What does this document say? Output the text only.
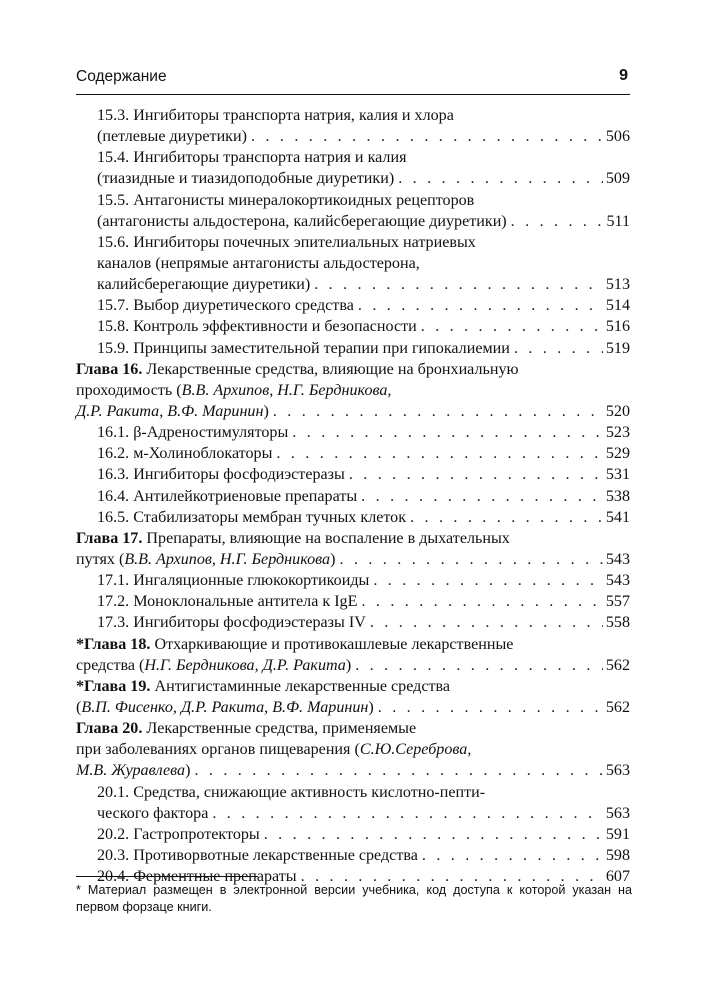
Содержание	9
15.3. Ингибиторы транспорта натрия, калия и хлора
(петлевые диуретики) . . .	506
15.4. Ингибиторы транспорта натрия и калия
(тиазидные и тиазидоподобные диуретики) . . .	509
15.5. Антагонисты минералокортикоидных рецепторов
(антагонисты альдостерона, калийсберегающие диуретики) . . .	511
15.6. Ингибиторы почечных эпителиальных натриевых
каналов (непрямые антагонисты альдостерона,
калийсберегающие диуретики) . . .	513
15.7. Выбор диуретического средства . . .	514
15.8. Контроль эффективности и безопасности . . .	516
15.9. Принципы заместительной терапии при гипокалиемии . . .	519
Глава 16. Лекарственные средства, влияющие на бронхиальную
проходимость (В.В. Архипов, Н.Г. Бердникова,
Д.Р. Ракита, В.Ф. Маринин) . . .	520
16.1. β-Адреностимуляторы . . .	523
16.2. м-Холиноблокаторы . . .	529
16.3. Ингибиторы фосфодиэстеразы . . .	531
16.4. Антилейкотриеновые препараты . . .	538
16.5. Стабилизаторы мембран тучных клеток . . .	541
Глава 17. Препараты, влияющие на воспаление в дыхательных
путях (В.В. Архипов, Н.Г. Бердникова) . . .	543
17.1. Ингаляционные глюкокортикоиды . . .	543
17.2. Моноклональные антитела к IgE . . .	557
17.3. Ингибиторы фосфодиэстеразы IV . . .	558
*Глава 18. Отхаркивающие и противокашлевые лекарственные
средства (Н.Г. Бердникова, Д.Р. Ракита) . . .	562
*Глава 19. Антигистаминные лекарственные средства
(В.П. Фисенко, Д.Р. Ракита, В.Ф. Маринин) . . .	562
Глава 20. Лекарственные средства, применяемые
при заболеваниях органов пищеварения (С.Ю.Сереброва,
М.В. Журавлева) . . .	563
20.1. Средства, снижающие активность кислотно-пепти-
ческого фактора . . .	563
20.2. Гастропротекторы . . .	591
20.3. Противорвотные лекарственные средства . . .	598
20.4. Ферментные препараты . . .	607
* Материал размещен в электронной версии учебника, код доступа к которой указан на первом форзаце книги.
